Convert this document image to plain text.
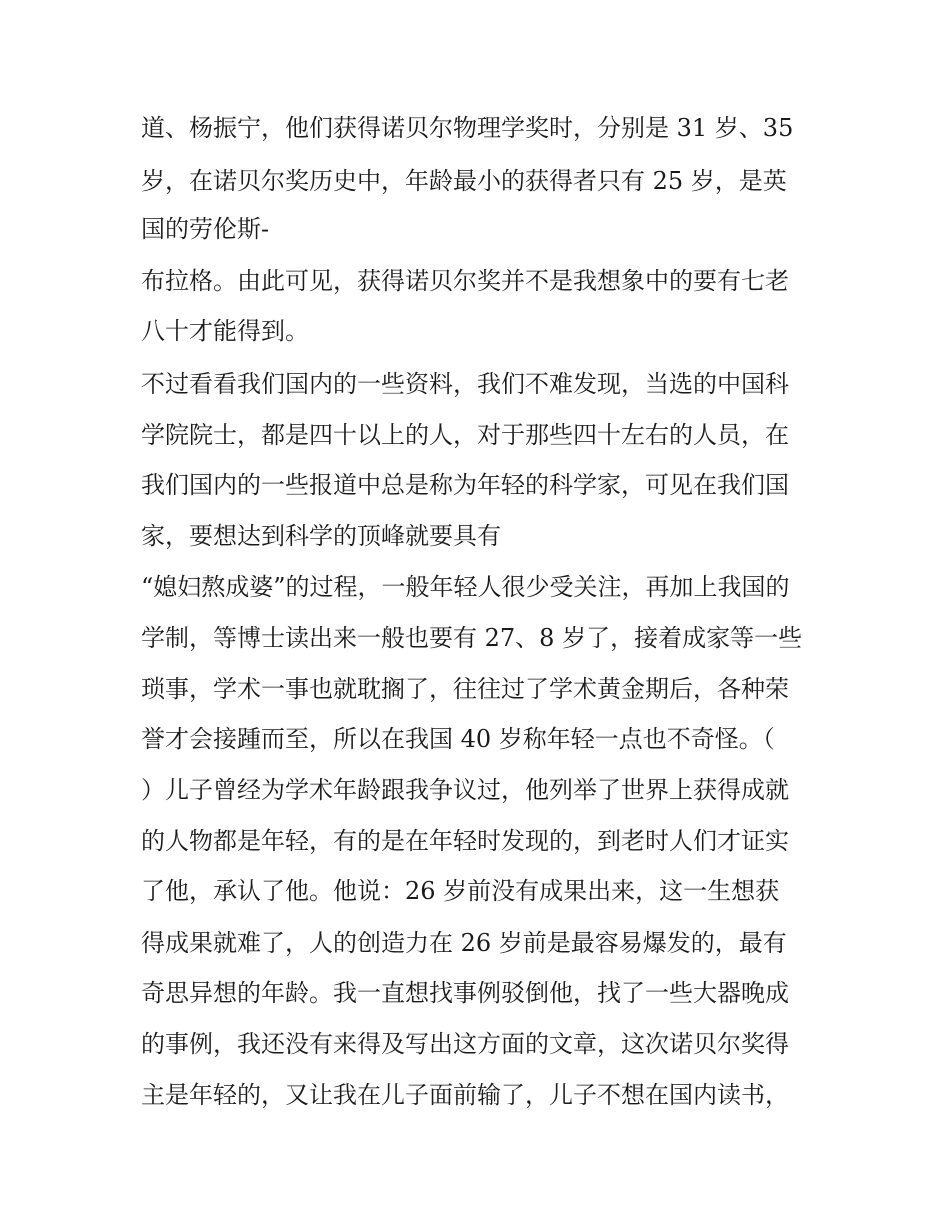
道、杨振宁，他们获得诺贝尔物理学奖时，分别是 31 岁、35
岁，在诺贝尔奖历史中，年龄最小的获得者只有 25 岁，是英
国的劳伦斯-
布拉格。由此可见，获得诺贝尔奖并不是我想象中的要有七老
八十才能得到。
不过看看我们国内的一些资料，我们不难发现，当选的中国科
学院院士，都是四十以上的人，对于那些四十左右的人员，在
我们国内的一些报道中总是称为年轻的科学家，可见在我们国
家，要想达到科学的顶峰就要具有
“媳妇熬成婆”的过程，一般年轻人很少受关注，再加上我国的
学制，等博士读出来一般也要有 27、8 岁了，接着成家等一些
琐事，学术一事也就耽搁了，往往过了学术黄金期后，各种荣
誉才会接踵而至，所以在我国 40 岁称年轻一点也不奇怪。（
）儿子曾经为学术年龄跟我争议过，他列举了世界上获得成就
的人物都是年轻，有的是在年轻时发现的，到老时人们才证实
了他，承认了他。他说：26 岁前没有成果出来，这一生想获
得成果就难了，人的创造力在 26 岁前是最容易爆发的，最有
奇思异想的年龄。我一直想找事例驳倒他，找了一些大器晚成
的事例，我还没有来得及写出这方面的文章，这次诺贝尔奖得
主是年轻的，又让我在儿子面前输了，儿子不想在国内读书，
